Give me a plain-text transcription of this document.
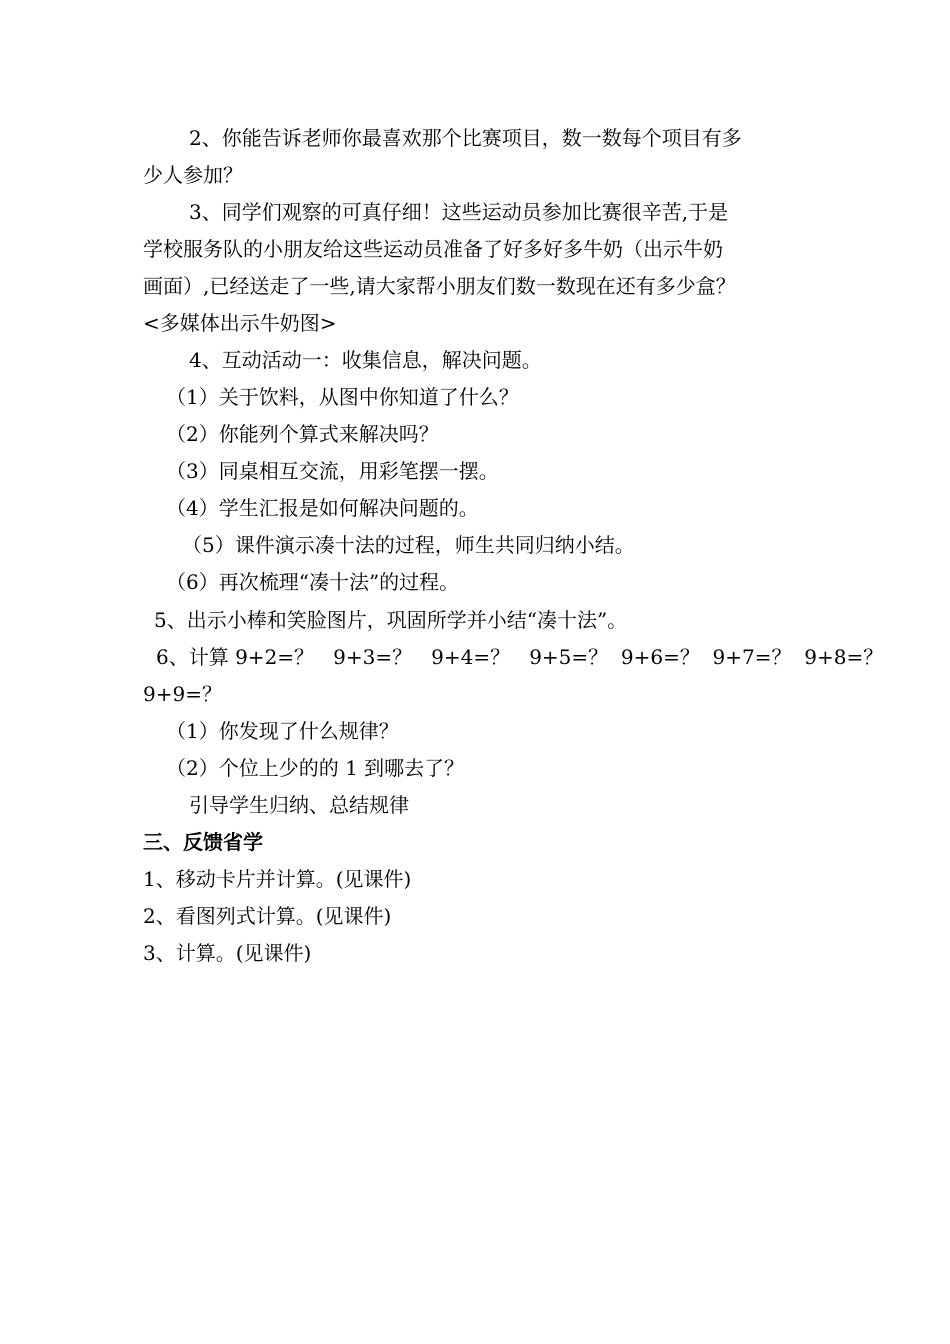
2、你能告诉老师你最喜欢那个比赛项目，数一数每个项目有多
少人参加？
3、同学们观察的可真仔细！这些运动员参加比赛很辛苦,于是
学校服务队的小朋友给这些运动员准备了好多好多牛奶（出示牛奶
画面）,已经送走了一些,请大家帮小朋友们数一数现在还有多少盒？
<多媒体出示牛奶图>
4、互动活动一：收集信息，解决问题。
（1）关于饮料，从图中你知道了什么？
（2）你能列个算式来解决吗？
（3）同桌相互交流，用彩笔摆一摆。
（4）学生汇报是如何解决问题的。
（5）课件演示凑十法的过程，师生共同归纳小结。
（6）再次梳理“凑十法”的过程。
5、出示小棒和笑脸图片，巩固所学并小结“凑十法”。
6、计算 9+2=？   9+3=？   9+4=？   9+5=？  9+6=？  9+7=？  9+8=？
9+9=？
（1）你发现了什么规律？
（2）个位上少的的 1 到哪去了？
引导学生归纳、总结规律
三、反馈省学
1、移动卡片并计算。(见课件)
2、看图列式计算。(见课件)
3、计算。(见课件)
